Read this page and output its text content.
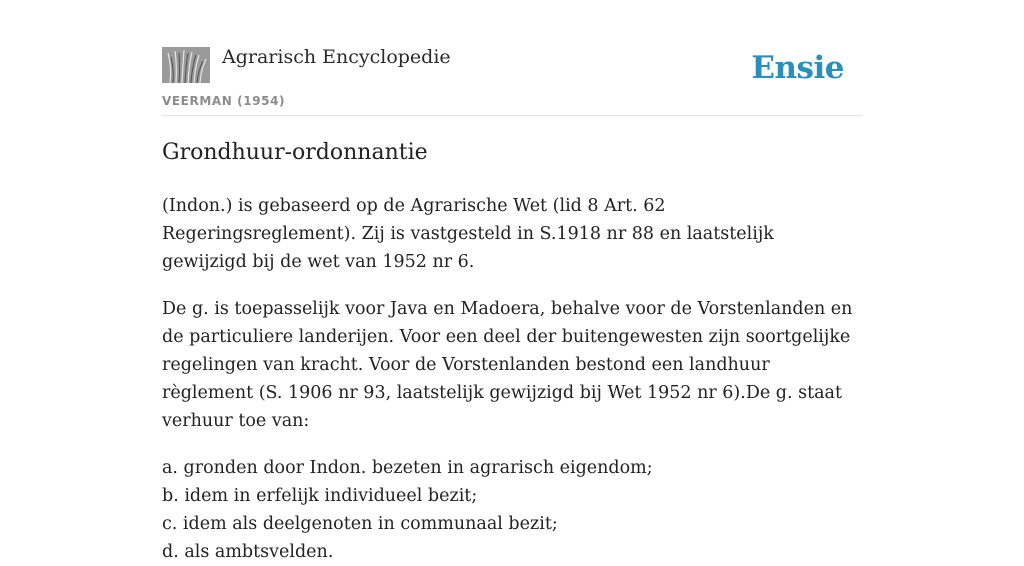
Agrarisch Encyclopedie	Ensie
VEERMAN (1954)
Grondhuur-ordonnantie

(Indon.) is gebaseerd op de Agrarische Wet (lid 8 Art. 62 Regeringsreglement). Zij is vastgesteld in S.1918 nr 88 en laatstelijk gewijzigd bij de wet van 1952 nr 6.

De g. is toepasselijk voor Java en Madoera, behalve voor de Vorstenlanden en de particuliere landerijen. Voor een deel der buitengewesten zijn soortgelijke regelingen van kracht. Voor de Vorstenlanden bestond een landhuur règlement (S. 1906 nr 93, laatstelijk gewijzigd bij Wet 1952 nr 6).De g. staat verhuur toe van:

a. gronden door Indon. bezeten in agrarisch eigendom;
b. idem in erfelijk individueel bezit;
c. idem als deelgenoten in communaal bezit;
d. als ambtsvelden.
